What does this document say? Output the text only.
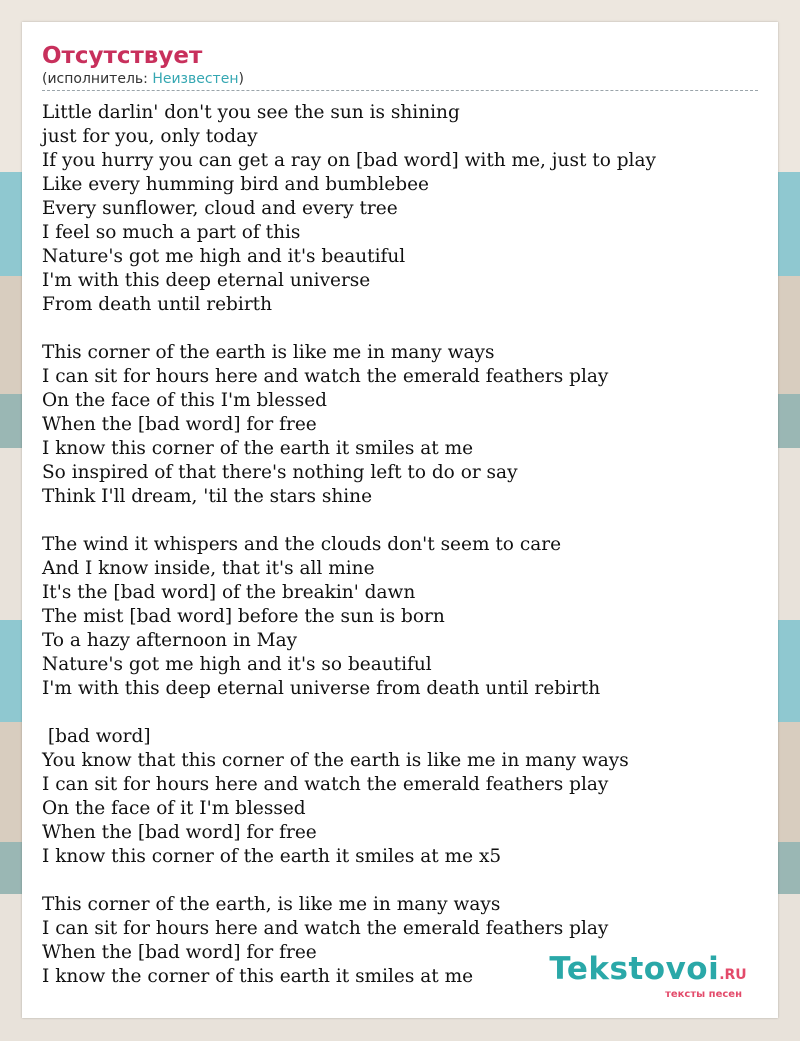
Отсутствует
(исполнитель: Неизвестен)
Little darlin' don't you see the sun is shining
just for you, only today
If you hurry you can get a ray on [bad word] with me, just to play
Like every humming bird and bumblebee
Every sunflower, cloud and every tree
I feel so much a part of this
Nature's got me high and it's beautiful
I'm with this deep eternal universe
From death until rebirth
This corner of the earth is like me in many ways
I can sit for hours here and watch the emerald feathers play
On the face of this I'm blessed
When the [bad word] for free
I know this corner of the earth it smiles at me
So inspired of that there's nothing left to do or say
Think I'll dream, 'til the stars shine
The wind it whispers and the clouds don't seem to care
And I know inside, that it's all mine
It's the [bad word] of the breakin' dawn
The mist [bad word] before the sun is born
To a hazy afternoon in May
Nature's got me high and it's so beautiful
I'm with this deep eternal universe from death until rebirth
[bad word]
You know that this corner of the earth is like me in many ways
I can sit for hours here and watch the emerald feathers play
On the face of it I'm blessed
When the [bad word] for free
I know this corner of the earth it smiles at me x5
This corner of the earth, is like me in many ways
I can sit for hours here and watch the emerald feathers play
When the [bad word] for free
I know the corner of this earth it smiles at me	Tekstovoi.RU
тексты песен
